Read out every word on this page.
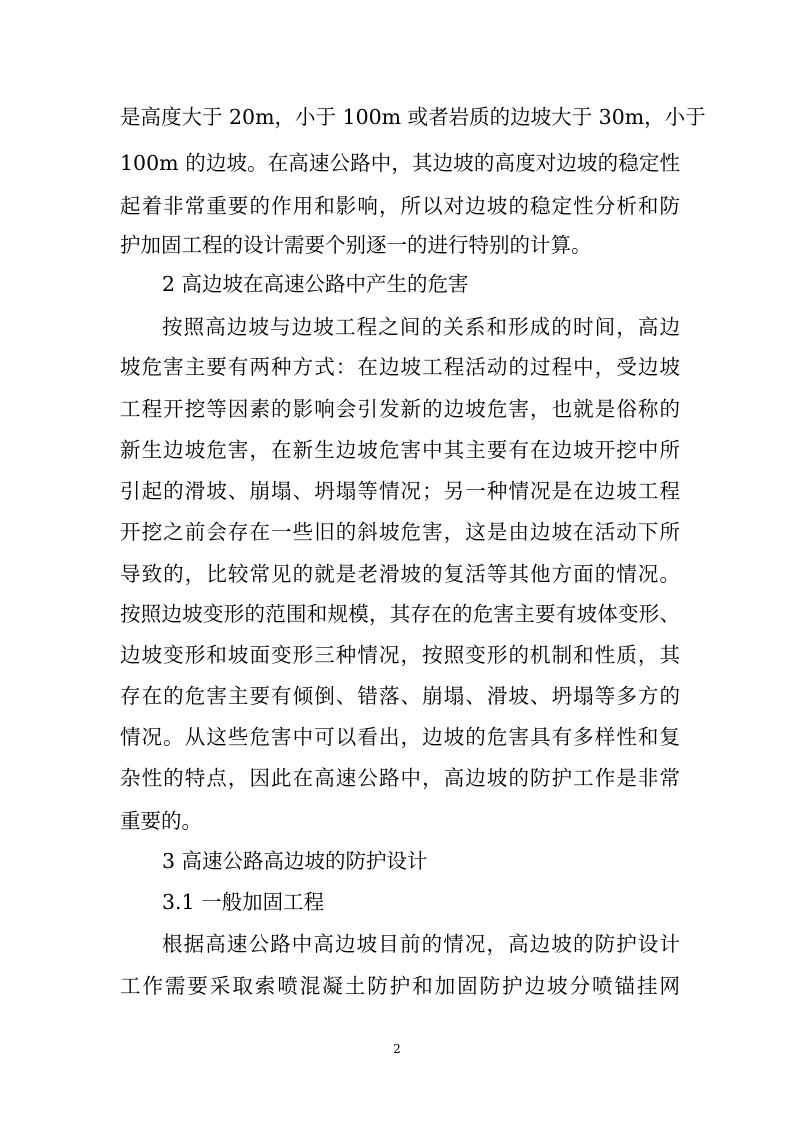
是高度大于 20m，小于 100m 或者岩质的边坡大于 30m，小于
100m 的边坡。在高速公路中，其边坡的高度对边坡的稳定性
起着非常重要的作用和影响，所以对边坡的稳定性分析和防
护加固工程的设计需要个别逐一的进行特别的计算。
2 高边坡在高速公路中产生的危害
按照高边坡与边坡工程之间的关系和形成的时间，高边
坡危害主要有两种方式：在边坡工程活动的过程中，受边坡
工程开挖等因素的影响会引发新的边坡危害，也就是俗称的
新生边坡危害，在新生边坡危害中其主要有在边坡开挖中所
引起的滑坡、崩塌、坍塌等情况；另一种情况是在边坡工程
开挖之前会存在一些旧的斜坡危害，这是由边坡在活动下所
导致的，比较常见的就是老滑坡的复活等其他方面的情况。
按照边坡变形的范围和规模，其存在的危害主要有坡体变形、
边坡变形和坡面变形三种情况，按照变形的机制和性质，其
存在的危害主要有倾倒、错落、崩塌、滑坡、坍塌等多方的
情况。从这些危害中可以看出，边坡的危害具有多样性和复
杂性的特点，因此在高速公路中，高边坡的防护工作是非常
重要的。
3 高速公路高边坡的防护设计
3.1 一般加固工程
根据高速公路中高边坡目前的情况，高边坡的防护设计
工作需要采取索喷混凝土防护和加固防护边坡分喷锚挂网
2
